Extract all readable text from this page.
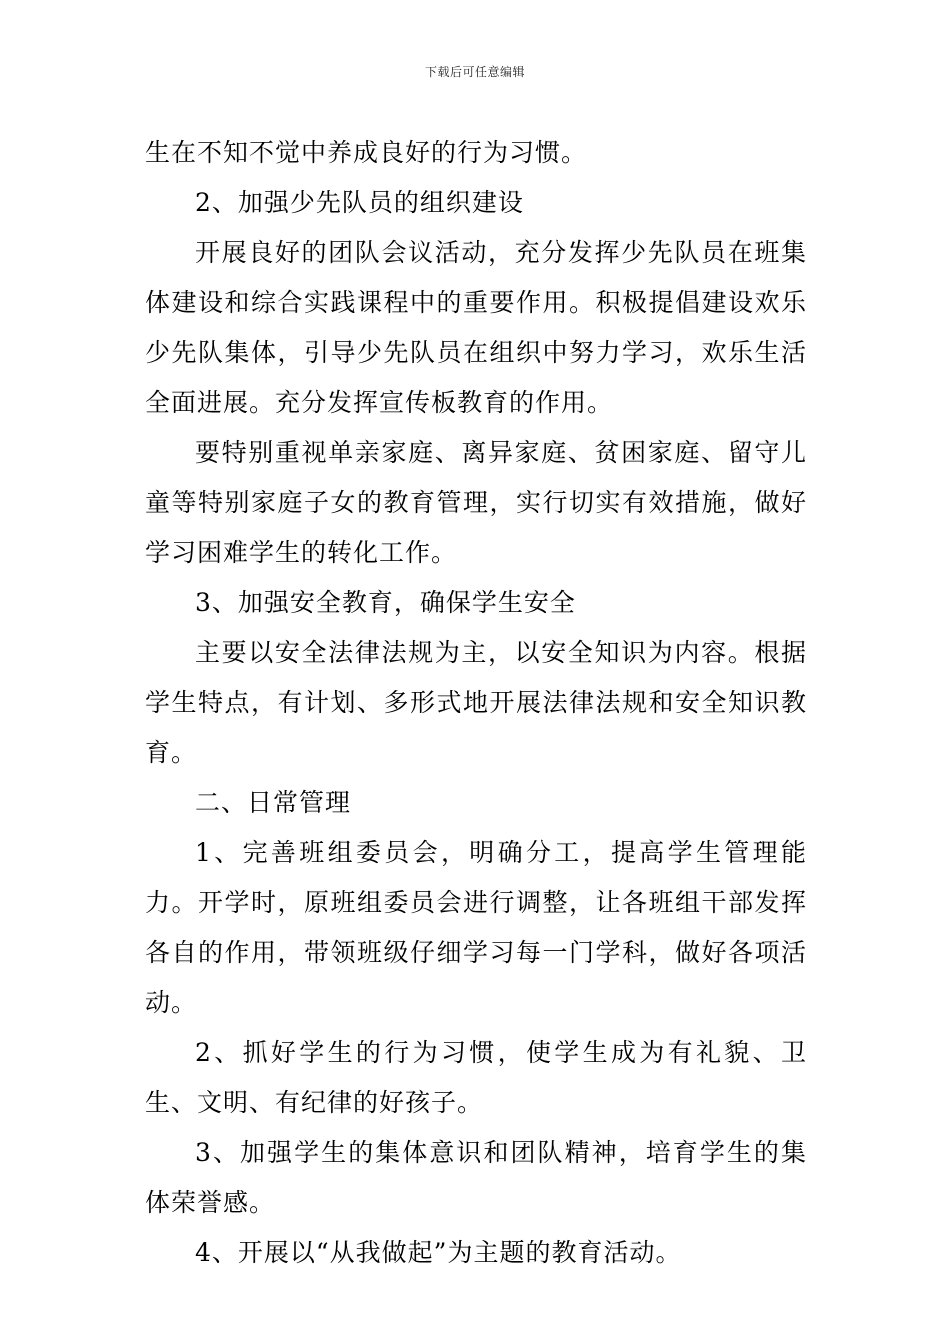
下载后可任意编辑

生在不知不觉中养成良好的行为习惯。

2、加强少先队员的组织建设

开展良好的团队会议活动，充分发挥少先队员在班集体建设和综合实践课程中的重要作用。积极提倡建设欢乐少先队集体，引导少先队员在组织中努力学习，欢乐生活全面进展。充分发挥宣传板教育的作用。

要特别重视单亲家庭、离异家庭、贫困家庭、留守儿童等特别家庭子女的教育管理，实行切实有效措施，做好学习困难学生的转化工作。

3、加强安全教育，确保学生安全

主要以安全法律法规为主，以安全知识为内容。根据学生特点，有计划、多形式地开展法律法规和安全知识教育。

二、日常管理

1、完善班组委员会，明确分工，提高学生管理能力。开学时，原班组委员会进行调整，让各班组干部发挥各自的作用，带领班级仔细学习每一门学科，做好各项活动。

2、抓好学生的行为习惯，使学生成为有礼貌、卫生、文明、有纪律的好孩子。

3、加强学生的集体意识和团队精神，培育学生的集体荣誉感。

4、开展以“从我做起”为主题的教育活动。
